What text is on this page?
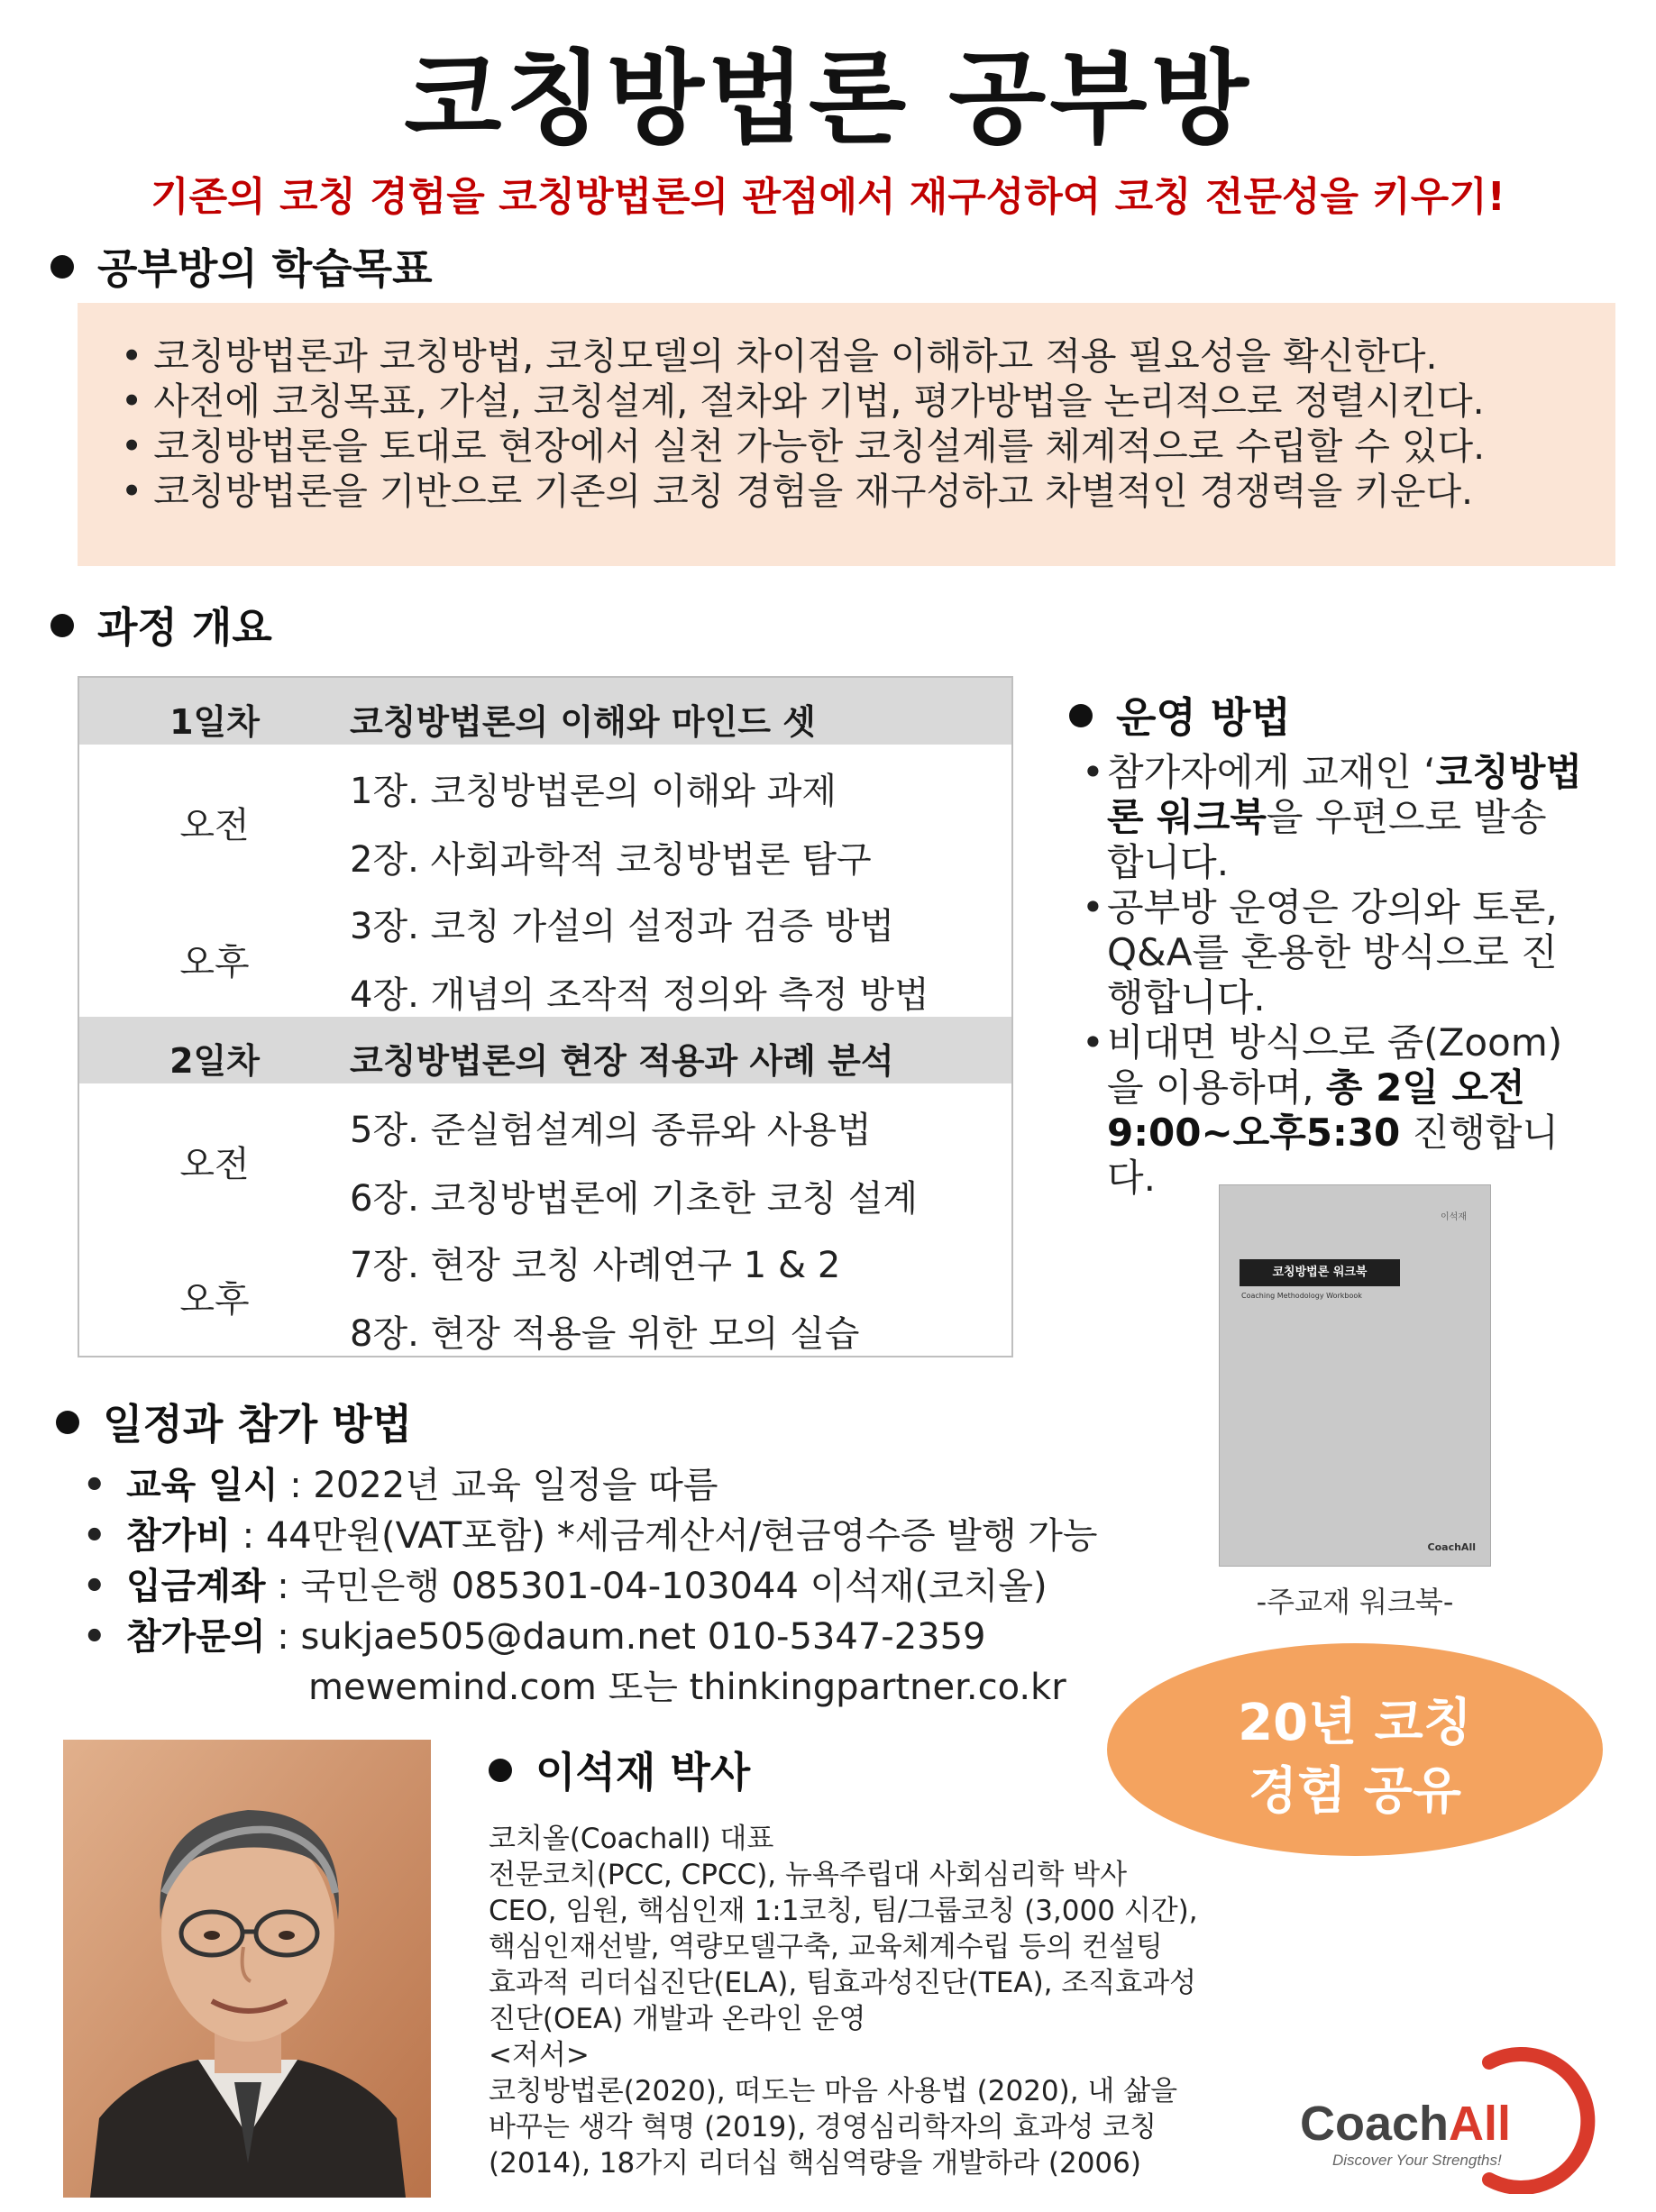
코칭방법론 공부방
기존의 코칭 경험을 코칭방법론의 관점에서 재구성하여 코칭 전문성을 키우기!
공부방의 학습목표
• 코칭방법론과 코칭방법, 코칭모델의 차이점을 이해하고 적용 필요성을 확신한다.
• 사전에 코칭목표, 가설, 코칭설계, 절차와 기법, 평가방법을 논리적으로 정렬시킨다.
• 코칭방법론을 토대로 현장에서 실천 가능한 코칭설계를 체계적으로 수립할 수 있다.
• 코칭방법론을 기반으로 기존의 코칭 경험을 재구성하고 차별적인 경쟁력을 키운다.
과정 개요
1일차	코칭방법론의 이해와 마인드 셋
오전
1장. 코칭방법론의 이해와 과제
2장. 사회과학적 코칭방법론 탐구
오후
3장. 코칭 가설의 설정과 검증 방법
4장. 개념의 조작적 정의와 측정 방법
2일차	코칭방법론의 현장 적용과 사례 분석
오전
5장. 준실험설계의 종류와 사용법
6장. 코칭방법론에 기초한 코칭 설계
오후
7장. 현장 코칭 사례연구 1 & 2
8장. 현장 적용을 위한 모의 실습
운영 방법
• 참가자에게 교재인 ‘코칭방법론 워크북을 우편으로 발송합니다.
• 공부방 운영은 강의와 토론, Q&A를 혼용한 방식으로 진행합니다.
• 비대면 방식으로 줌(Zoom)을 이용하며, 총 2일 오전 9:00~오후5:30 진행합니다.
이석재
코칭방법론 워크북
Coaching Methodology Workbook
CoachAll
-주교재 워크북-
20년 코칭
경험 공유
일정과 참가 방법
• 교육 일시 : 2022년 교육 일정을 따름
• 참가비 : 44만원(VAT포함) *세금계산서/현금영수증 발행 가능
• 입금계좌 : 국민은행 085301-04-103044 이석재(코치올)
• 참가문의 : sukjae505@daum.net 010-5347-2359
mewemind.com 또는 thinkingpartner.co.kr
이석재 박사
코치올(Coachall) 대표
전문코치(PCC, CPCC), 뉴욕주립대 사회심리학 박사
CEO, 임원, 핵심인재 1:1코칭, 팀/그룹코칭 (3,000 시간),
핵심인재선발, 역량모델구축, 교육체계수립 등의 컨설팅
효과적 리더십진단(ELA), 팀효과성진단(TEA), 조직효과성
진단(OEA) 개발과 온라인 운영
<저서>
코칭방법론(2020), 떠도는 마음 사용법 (2020), 내 삶을
바꾸는 생각 혁명 (2019), 경영심리학자의 효과성 코칭
(2014), 18가지 리더십 핵심역량을 개발하라 (2006)
CoachAll
Discover Your Strengths!
